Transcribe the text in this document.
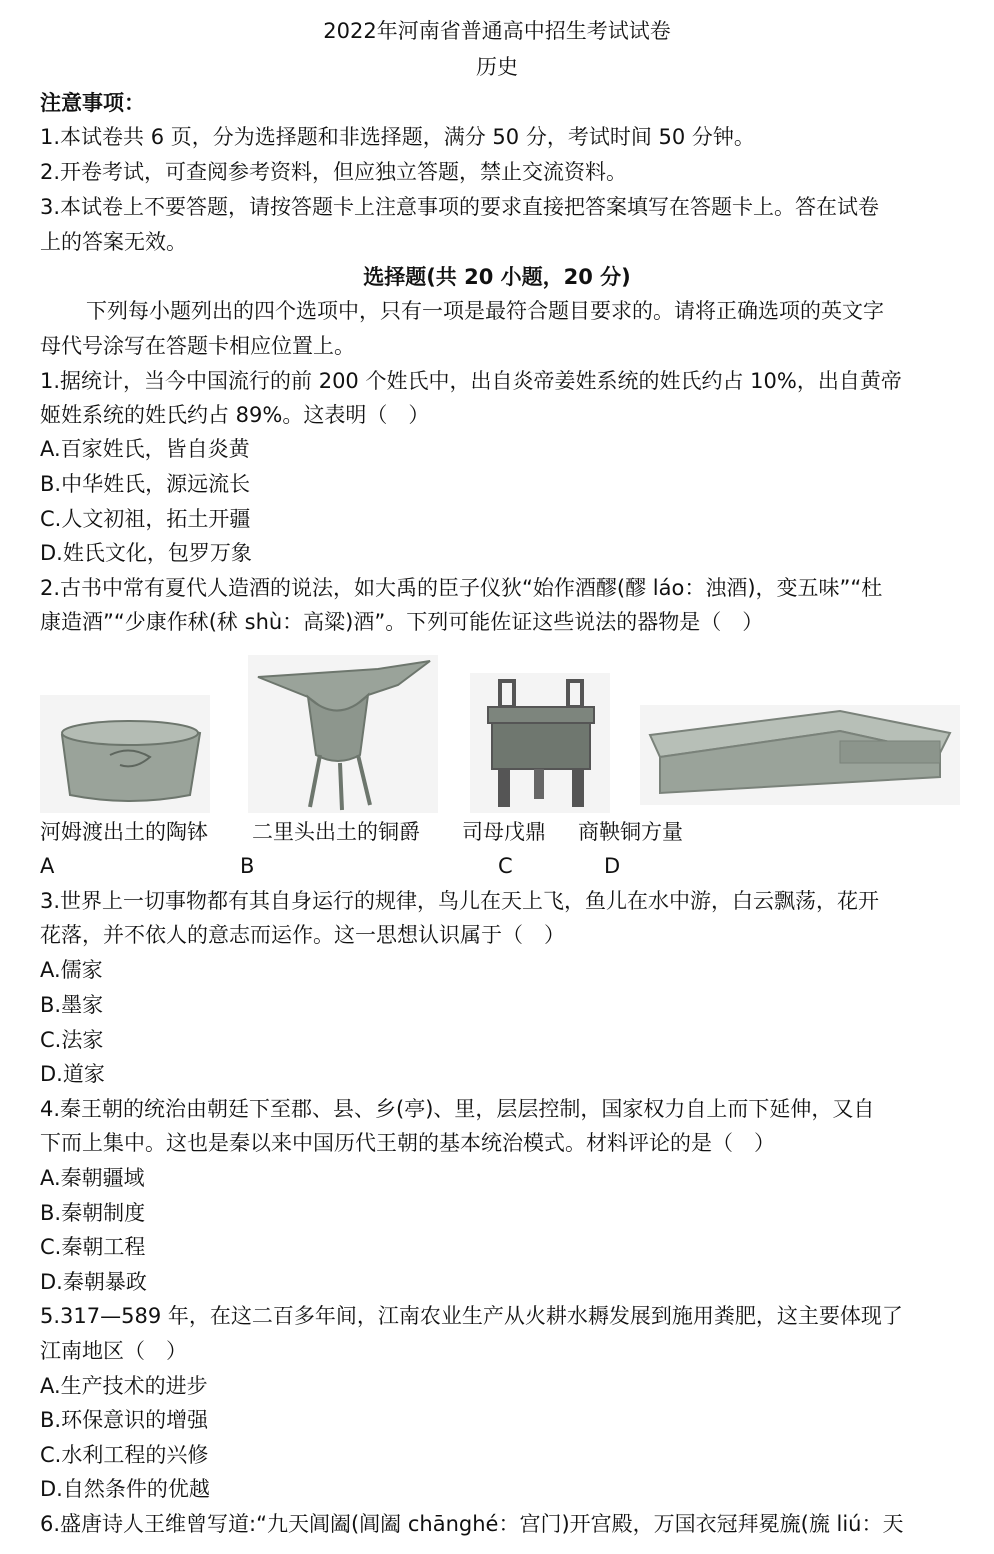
2022年河南省普通高中招生考试试卷
历史
注意事项：
1.本试卷共 6 页，分为选择题和非选择题，满分 50 分，考试时间 50 分钟。
2.开卷考试，可查阅参考资料，但应独立答题，禁止交流资料。
3.本试卷上不要答题，请按答题卡上注意事项的要求直接把答案填写在答题卡上。答在试卷
上的答案无效。
选择题(共 20 小题，20 分)
下列每小题列出的四个选项中，只有一项是最符合题目要求的。请将正确选项的英文字
母代号涂写在答题卡相应位置上。
1.据统计，当今中国流行的前 200 个姓氏中，出自炎帝姜姓系统的姓氏约占 10%，出自黄帝
姬姓系统的姓氏约占 89%。这表明（　）
A.百家姓氏，皆自炎黄
B.中华姓氏，源远流长
C.人文初祖，拓土开疆
D.姓氏文化，包罗万象
2.古书中常有夏代人造酒的说法，如大禹的臣子仪狄“始作酒醪(醪 láo：浊酒)，变五味”“杜
康造酒”“少康作秫(秫 shù：高粱)酒”。下列可能佐证这些说法的器物是（　）
河姆渡出土的陶钵 二里头出土的铜爵 司母戊鼎 商鞅铜方量
A	B	C	D
3.世界上一切事物都有其自身运行的规律，鸟儿在天上飞，鱼儿在水中游，白云飘荡，花开
花落，并不依人的意志而运作。这一思想认识属于（　）
A.儒家
B.墨家
C.法家
D.道家
4.秦王朝的统治由朝廷下至郡、县、乡(亭)、里，层层控制，国家权力自上而下延伸，又自
下而上集中。这也是秦以来中国历代王朝的基本统治模式。材料评论的是（　）
A.秦朝疆域
B.秦朝制度
C.秦朝工程
D.秦朝暴政
5.317—589 年，在这二百多年间，江南农业生产从火耕水耨发展到施用粪肥，这主要体现了
江南地区（　）
A.生产技术的进步
B.环保意识的增强
C.水利工程的兴修
D.自然条件的优越
6.盛唐诗人王维曾写道:“九天阊阖(阊阖 chānghé：宫门)开宫殿，万国衣冠拜冕旒(旒 liú：天
